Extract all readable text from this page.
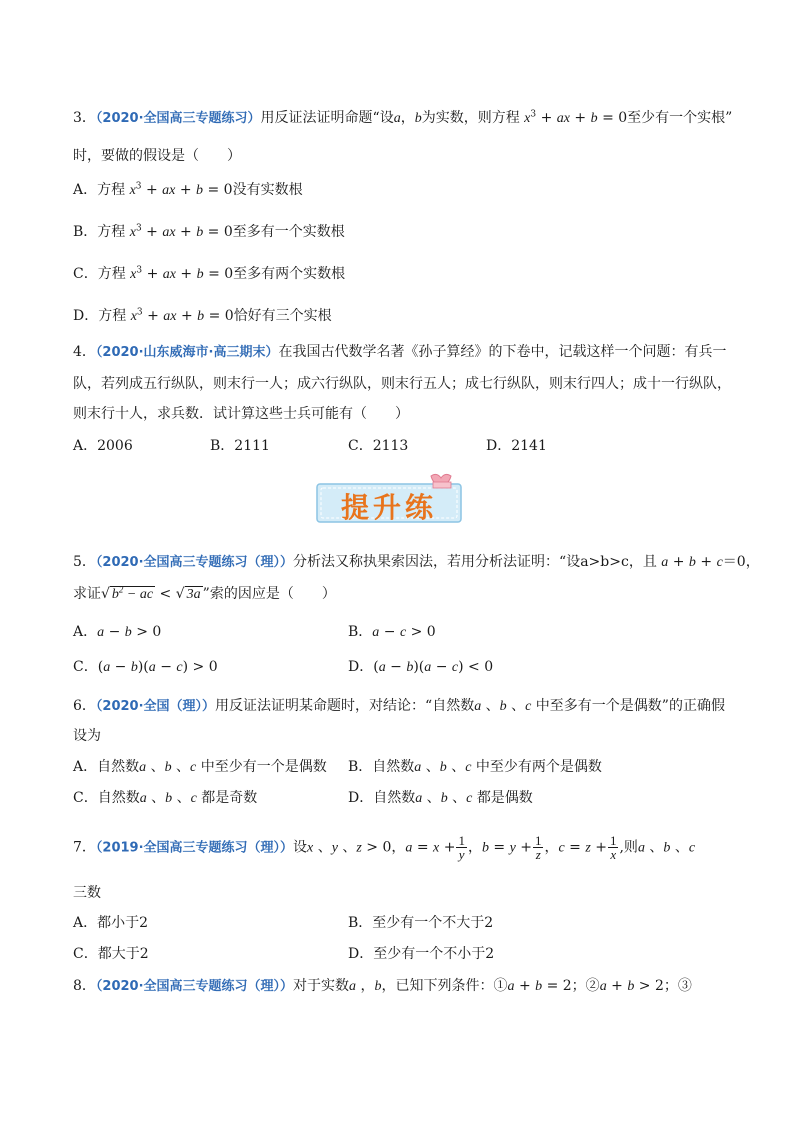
3．（2020·全国高三专题练习）用反证法证明命题“设a，b为实数，则方程 $x^3$ + ax + b = 0至少有一个实根”
时，要做的假设是（　　）
A．方程 $x^3$ + ax + b = 0没有实数根
B．方程 $x^3$ + ax + b = 0至多有一个实数根
C．方程 $x^3$ + ax + b = 0至多有两个实数根
D．方程 $x^3$ + ax + b = 0恰好有三个实根
4．（2020·山东威海市·高三期末）在我国古代数学名著《孙子算经》的下卷中，记载这样一个问题：有兵一
队，若列成五行纵队，则末行一人；成六行纵队，则末行五人；成七行纵队，则末行四人；成十一行纵队，
则末行十人，求兵数．试计算这些士兵可能有（　　）
A．2006	B．2111	C．2113	D．2141
提升练
5．（2020·全国高三专题练习（理））分析法又称执果索因法，若用分析法证明：“设a>b>c，且 a + b + c＝0，
求证√ $b^2$ − ac < √ 3a ”索的因应是（　　）
A．a − b > 0	B．a − c > 0
C．(a − b)(a − c) > 0	D．(a − b)(a − c) < 0
6．（2020·全国（理））用反证法证明某命题时，对结论：“自然数a 、b 、c 中至多有一个是偶数”的正确假
设为
A．自然数a 、b 、c 中至少有一个是偶数 B．自然数a 、b 、c 中至少有两个是偶数
C．自然数a 、b 、c 都是奇数	D．自然数a 、b 、c 都是偶数
7．（2019·全国高三专题练习（理））设x 、y 、z > 0，$a = x + \frac{1}{y}$ ，$b = y + \frac{1}{z}$ ，$c = z + \frac{1}{x}$ ,则a 、b 、c
三数
A．都小于2	B．至少有一个不大于2
C．都大于2	D．至少有一个不小于2
8．（2020·全国高三专题练习（理））对于实数a ，b，已知下列条件：①a + b = 2；②a + b > 2；③
